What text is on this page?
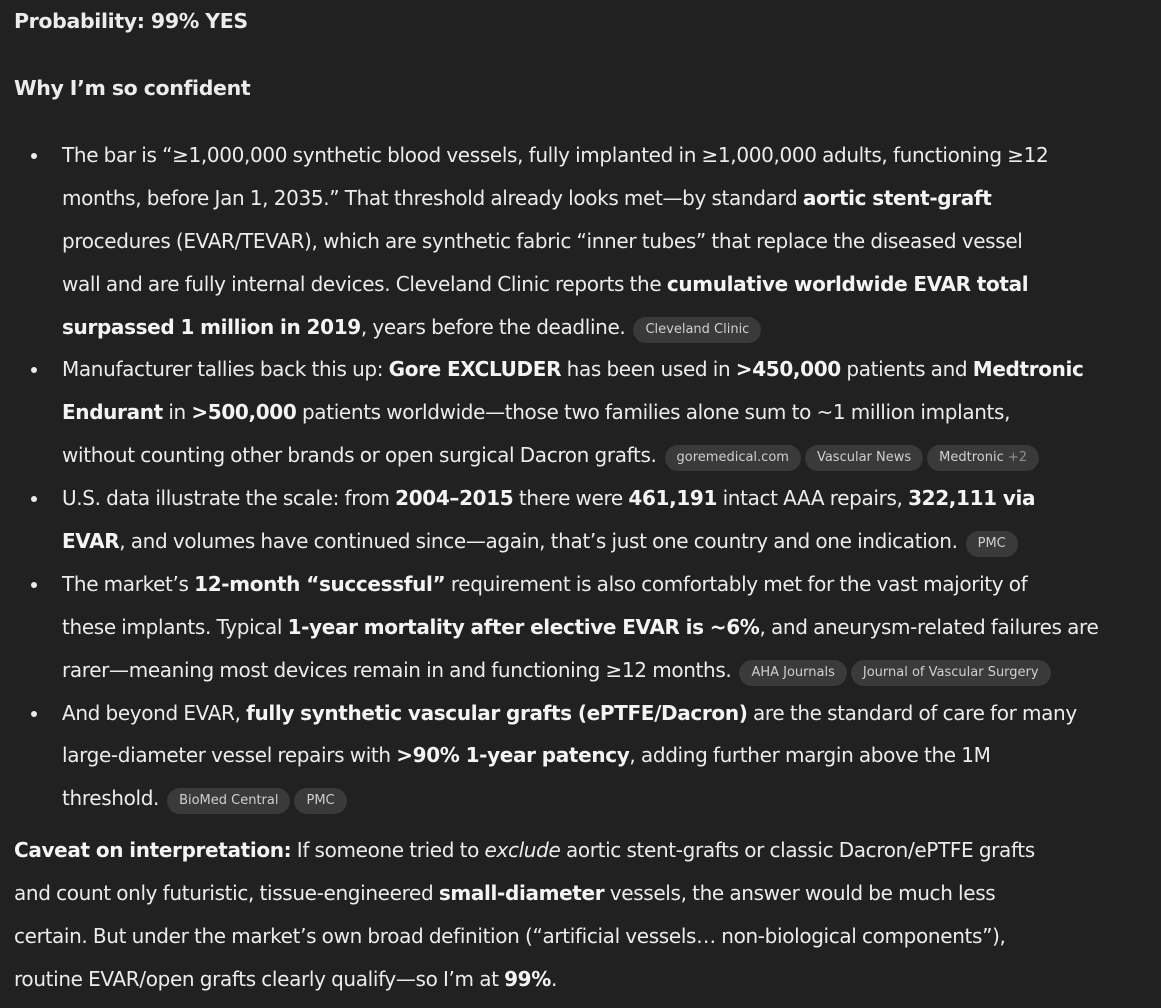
Probability: 99% YES

Why I’m so confident

The bar is “≥1,000,000 synthetic blood vessels, fully implanted in ≥1,000,000 adults, functioning ≥12
months, before Jan 1, 2035.” That threshold already looks met—by standard aortic stent-graft
procedures (EVAR/TEVAR), which are synthetic fabric “inner tubes” that replace the diseased vessel
wall and are fully internal devices. Cleveland Clinic reports the cumulative worldwide EVAR total
surpassed 1 million in 2019, years before the deadline. Cleveland Clinic
Manufacturer tallies back this up: Gore EXCLUDER has been used in >450,000 patients and Medtronic
Endurant in >500,000 patients worldwide—those two families alone sum to ~1 million implants,
without counting other brands or open surgical Dacron grafts. goremedical.com Vascular News Medtronic +2
U.S. data illustrate the scale: from 2004–2015 there were 461,191 intact AAA repairs, 322,111 via
EVAR, and volumes have continued since—again, that’s just one country and one indication. PMC
The market’s 12-month “successful” requirement is also comfortably met for the vast majority of
these implants. Typical 1-year mortality after elective EVAR is ~6%, and aneurysm-related failures are
rarer—meaning most devices remain in and functioning ≥12 months. AHA Journals Journal of Vascular Surgery
And beyond EVAR, fully synthetic vascular grafts (ePTFE/Dacron) are the standard of care for many
large-diameter vessel repairs with >90% 1-year patency, adding further margin above the 1M
threshold. BioMed Central PMC

Caveat on interpretation: If someone tried to exclude aortic stent-grafts or classic Dacron/ePTFE grafts
and count only futuristic, tissue-engineered small-diameter vessels, the answer would be much less
certain. But under the market’s own broad definition (“artificial vessels… non-biological components”),
routine EVAR/open grafts clearly qualify—so I’m at 99%.
